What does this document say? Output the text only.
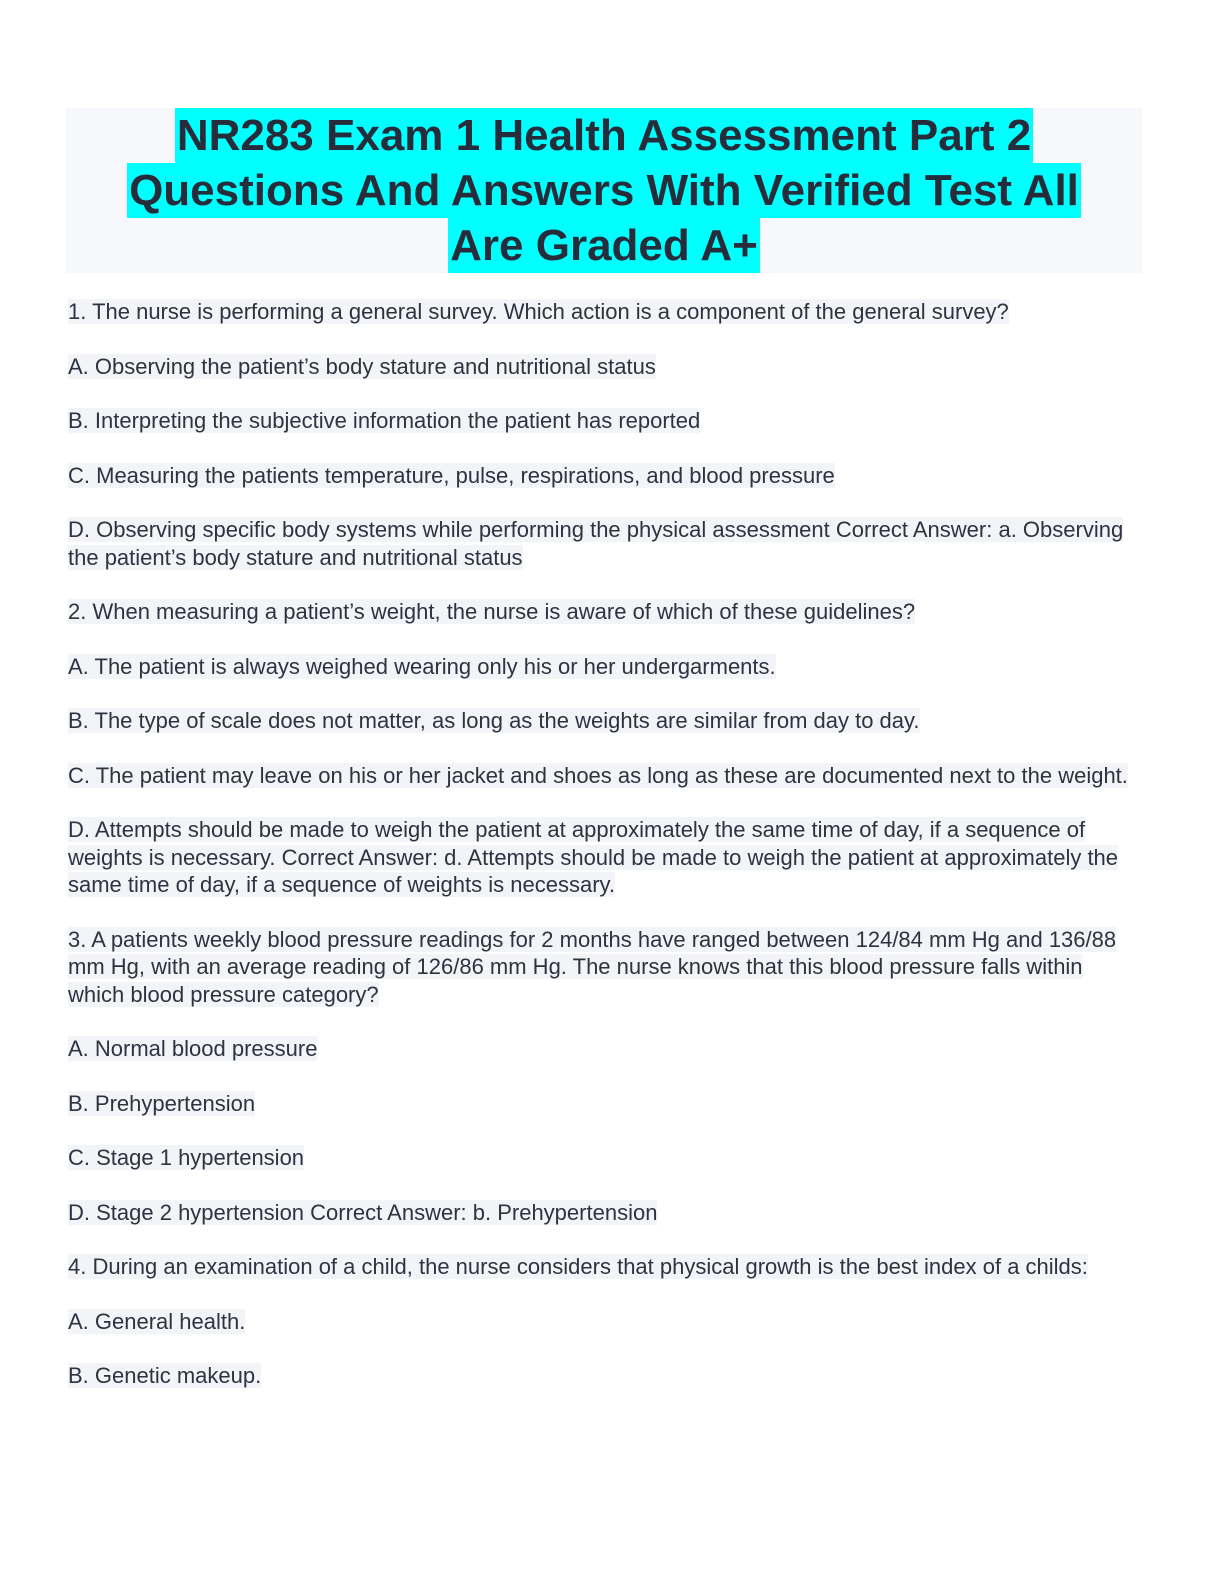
NR283 Exam 1 Health Assessment Part 2
Questions And Answers With Verified Test All
Are Graded A+

1. The nurse is performing a general survey. Which action is a component of the general survey?

A. Observing the patient’s body stature and nutritional status

B. Interpreting the subjective information the patient has reported

C. Measuring the patients temperature, pulse, respirations, and blood pressure

D. Observing specific body systems while performing the physical assessment Correct Answer: a. Observing the patient’s body stature and nutritional status

2. When measuring a patient’s weight, the nurse is aware of which of these guidelines?

A. The patient is always weighed wearing only his or her undergarments.

B. The type of scale does not matter, as long as the weights are similar from day to day.

C. The patient may leave on his or her jacket and shoes as long as these are documented next to the weight.

D. Attempts should be made to weigh the patient at approximately the same time of day, if a sequence of weights is necessary. Correct Answer: d. Attempts should be made to weigh the patient at approximately the same time of day, if a sequence of weights is necessary.

3. A patients weekly blood pressure readings for 2 months have ranged between 124/84 mm Hg and 136/88 mm Hg, with an average reading of 126/86 mm Hg. The nurse knows that this blood pressure falls within which blood pressure category?

A. Normal blood pressure

B. Prehypertension

C. Stage 1 hypertension

D. Stage 2 hypertension Correct Answer: b. Prehypertension

4. During an examination of a child, the nurse considers that physical growth is the best index of a childs:

A. General health.

B. Genetic makeup.
